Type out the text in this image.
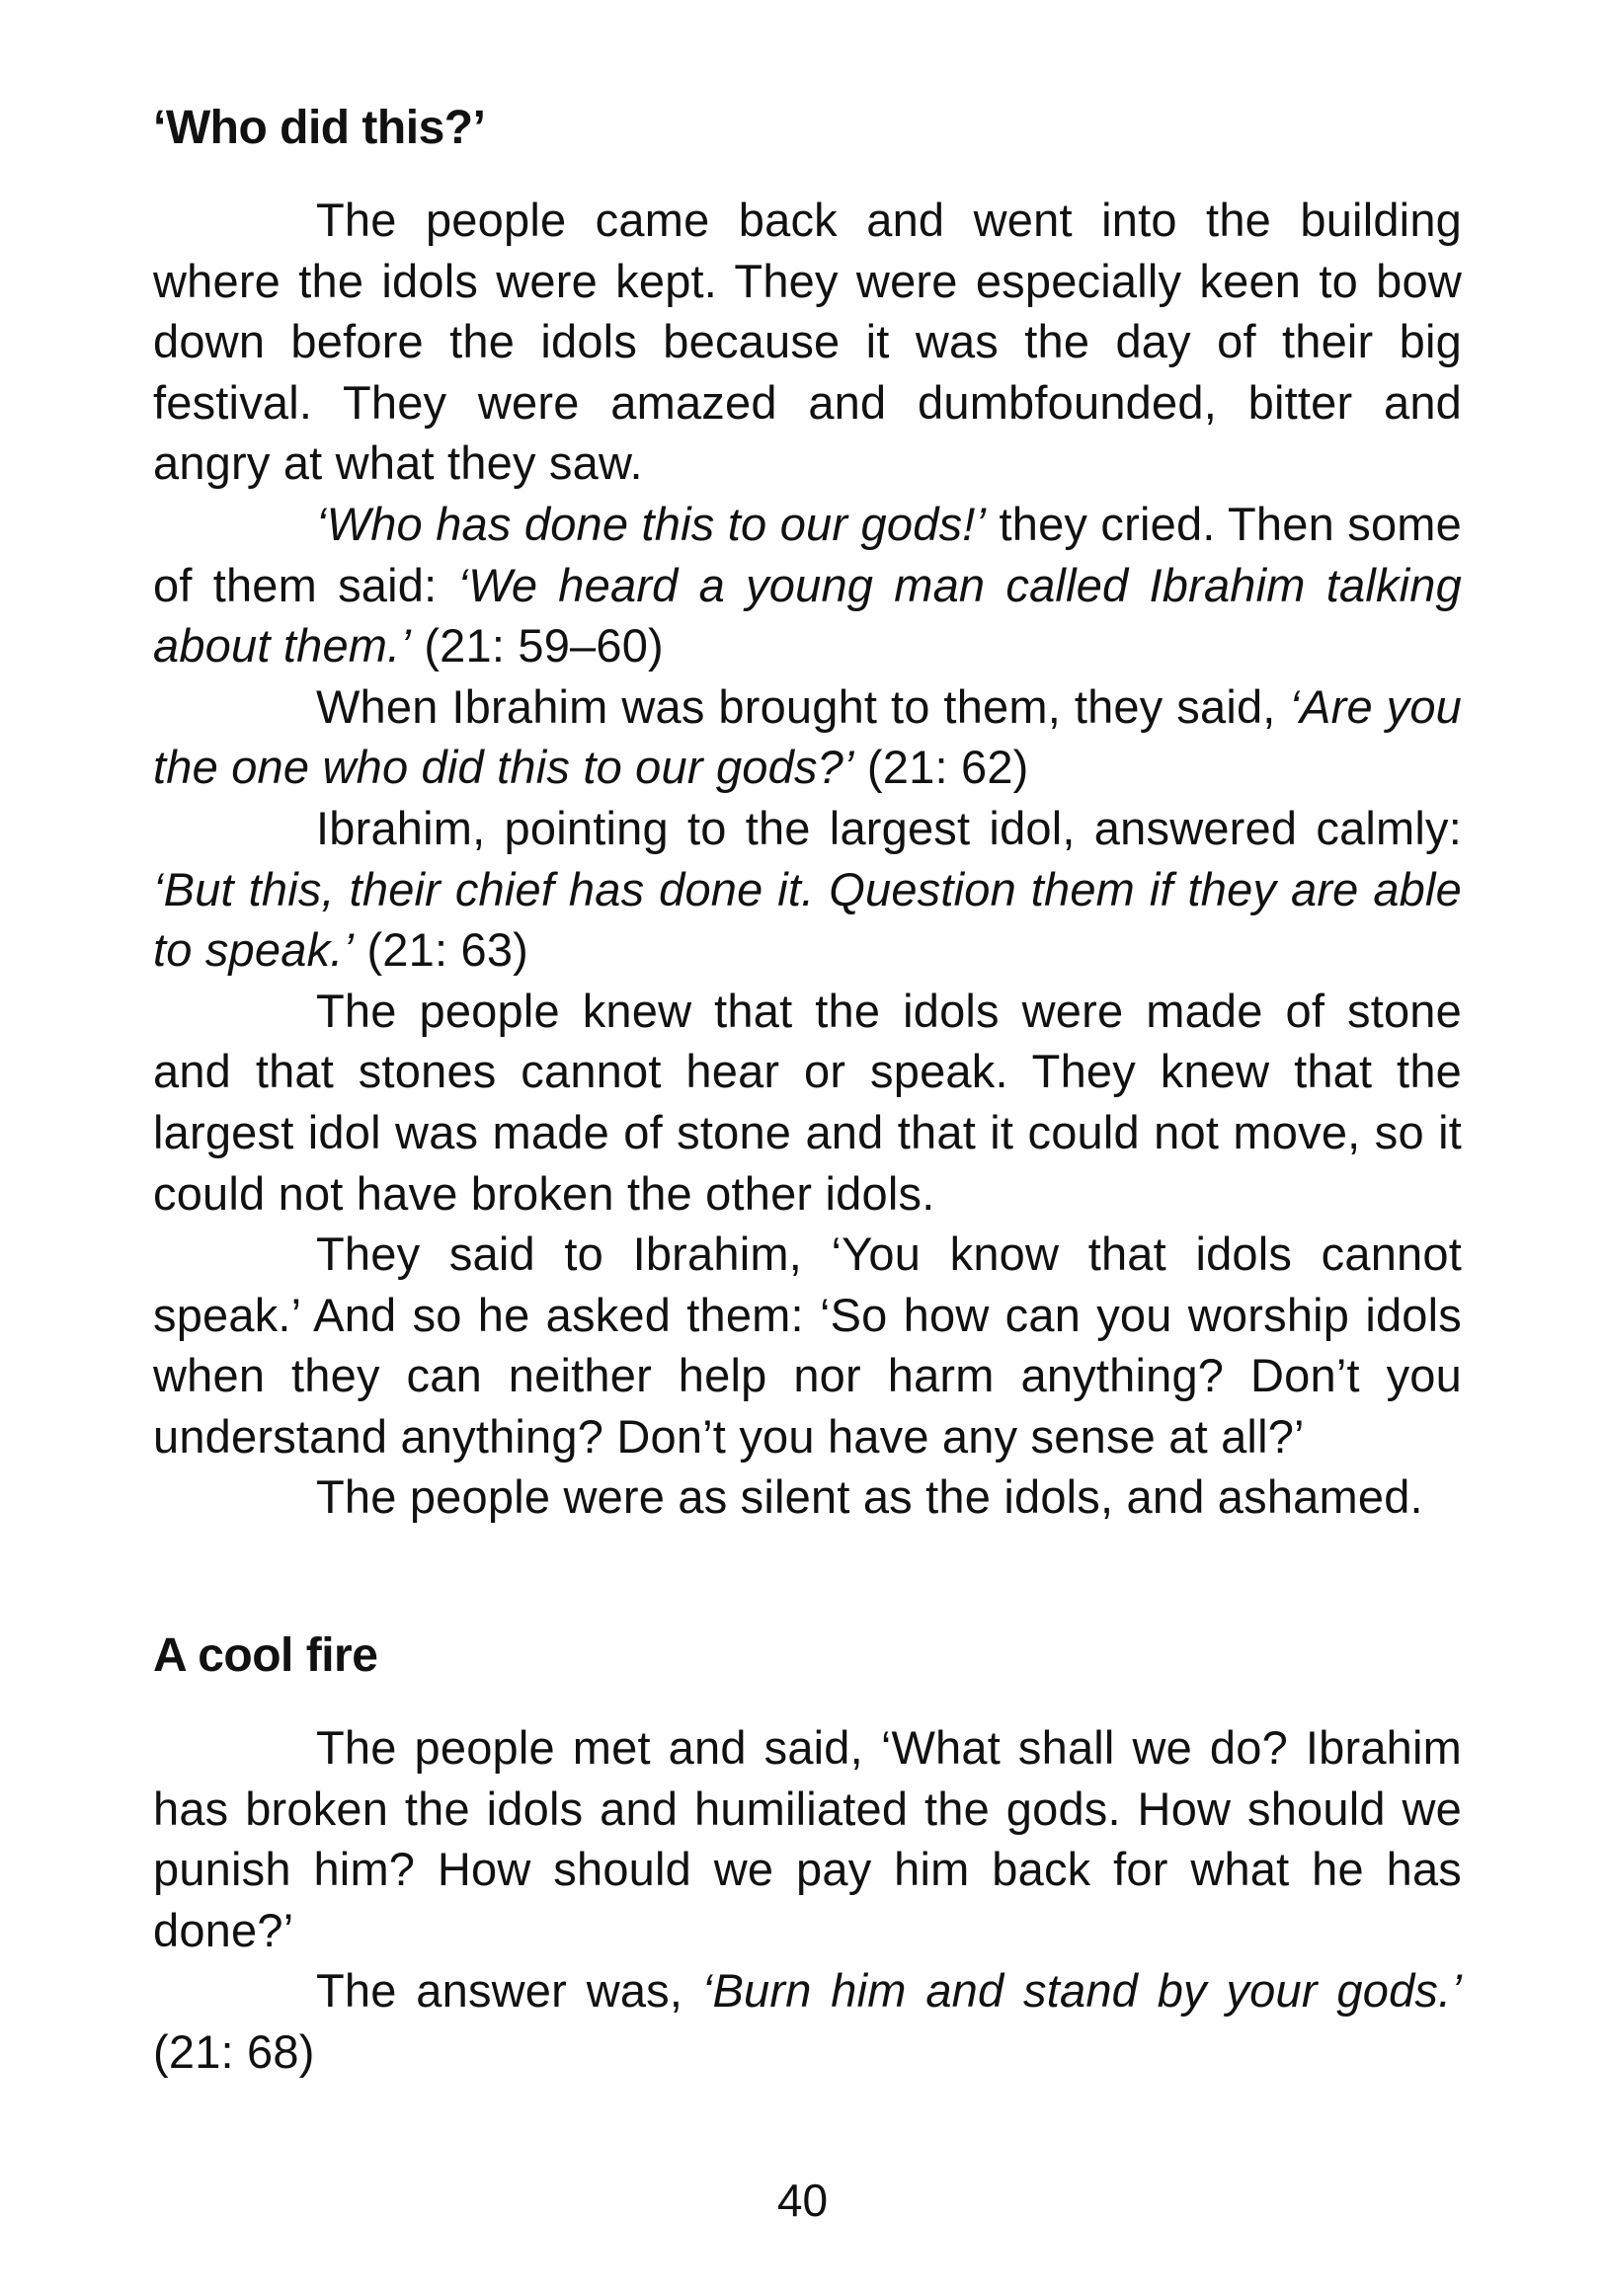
‘Who did this?’

The people came back and went into the building where the idols were kept. They were especially keen to bow down before the idols because it was the day of their big festival. They were amazed and dumbfounded, bitter and angry at what they saw.

‘Who has done this to our gods!’ they cried. Then some of them said: ‘We heard a young man called Ibrahim talking about them.’ (21: 59–60)

When Ibrahim was brought to them, they said, ‘Are you the one who did this to our gods?’ (21: 62)

Ibrahim, pointing to the largest idol, answered calmly: ‘But this, their chief has done it. Question them if they are able to speak.’ (21: 63)

The people knew that the idols were made of stone and that stones cannot hear or speak. They knew that the largest idol was made of stone and that it could not move, so it could not have broken the other idols.

They said to Ibrahim, ‘You know that idols cannot speak.’ And so he asked them: ‘So how can you worship idols when they can neither help nor harm anything? Don’t you understand anything? Don’t you have any sense at all?’

The people were as silent as the idols, and ashamed.

A cool fire

The people met and said, ‘What shall we do? Ibrahim has broken the idols and humiliated the gods. How should we punish him? How should we pay him back for what he has done?’

The answer was, ‘Burn him and stand by your gods.’ (21: 68)

40
